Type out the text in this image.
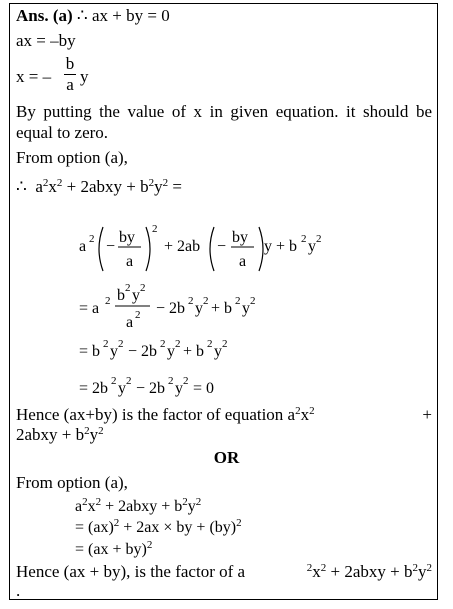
Ans. (a) ∴ ax + by = 0
ax = –by
x = –
b
a y
By putting the value of x in given equation. it should be equal to zero.
From option (a),
∴ $a^2x^2$ + 2abxy + $b^2y^2$ =
a 2 −
by
a
2
+ 2ab −
by
a
y + b 2 y 2
= a 2 b 2 y 2
a 2 − 2b 2 y 2 + b 2 y 2
= b 2 y 2 − 2b 2 y 2 + b 2 y 2
= 2b 2 y 2 − 2b 2 y 2 = 0
Hence (ax+by) is the factor of equation $a^2x^2$	+
2abxy + $b^2y^2$
OR
From option (a),
$a^2x^2$ + 2abxy + $b^2y^2$
= (ax)$^2$ + 2ax × by + (by)$^2$
= (ax + by)$^2$
Hence (ax + by), is the factor of a	$^2x^2$ + 2abxy + $b^2y^2$
.
